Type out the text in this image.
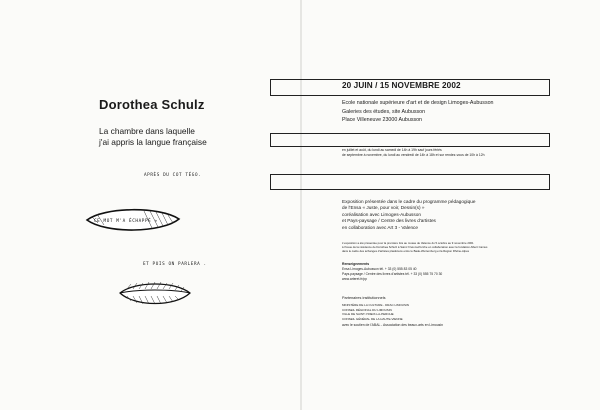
Dorothea Schulz
La chambre dans laquelle
j'ai appris la langue française
APRÈS DU COT TÉGO.
CE MOT M'A ÉCHAPPÉ »
ET PUIS ON PARLERA .
20 JUIN / 15 NOVEMBRE 2002
Ecole nationale supérieure d'art et de design Limoges-Aubusson
Galeries des études, site Aubusson
Place Villeneuve 23000 Aubusson
en juillet et août, du lundi au samedi de 14h à 19h sauf jours fériés
de septembre à novembre, du lundi au vendredi de 14h à 18h et sur rendez-vous de 10h à 12h
Exposition présentée dans le cadre du programme pédagogique
de l'Ensa « Juste, pour voir, Dessin(s) »
coréalisation avec Limoges-Aubusson
et Pays-paysage / Centre des livres d'artistes
en collaboration avec Art 3 - Valence
L'exposition a été présentée pour la première fois au musée de Valence du 5 octobre au 9 novembre 2001
à l'issue de la résidence de Dorothea Schulz à Saint-Yrieix-la-Perche en collaboration avec la fondation Albert Camus
dans le cadre des échanges d'artistes plasticiens entre le Bade-Wurtemberg et la Région Rhône-Alpes
Renseignements
Ensa Limoges-Aubusson tél. + 33 (0) 555 83 05 40
Pays-paysage / Centre des livres d'artistes tél. + 33 (0) 555 75 70 30
www.arteret.fr/pp
Partenaires institutionnels
MINISTÈRE DE LA CULTURE - DRAC LIMOUSIN
CONSEIL RÉGIONAL DU LIMOUSIN
VILLE DE SAINT-YRIEIX-LA-PERCHE
CONSEIL GÉNÉRAL DE LA HAUTE-VIENNE
avec le soutien de l'ABAL - Association des beaux-arts en Limousin
